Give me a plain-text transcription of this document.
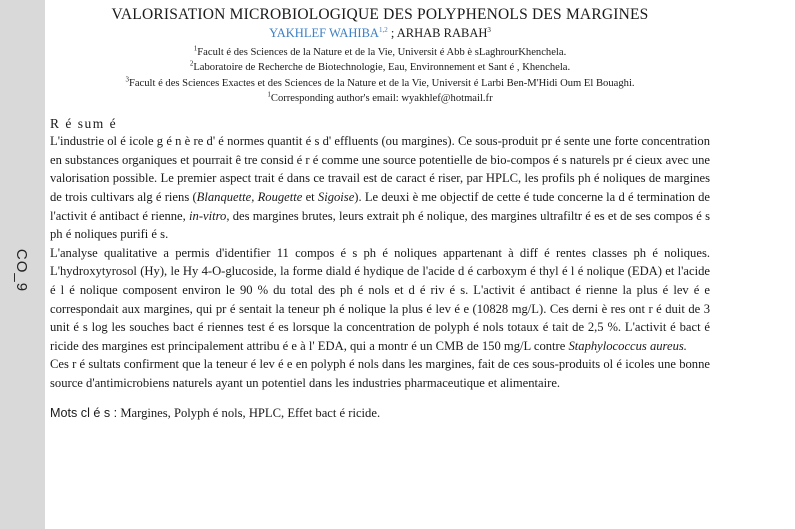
CO_9
VALORISATION MICROBIOLOGIQUE DES POLYPHENOLS DES MARGINES
YAKHLEF WAHIBA$^{1,2}$ ; ARHAB RABAH$^3$
$^1$Facult é des Sciences de la Nature et de la Vie, Universit é Abb è sLaghrourKhenchela.
$^2$Laboratoire de Recherche de Biotechnologie, Eau, Environnement et Sant é , Khenchela.
$^3$Facult é des Sciences Exactes et des Sciences de la Nature et de la Vie, Universit é Larbi Ben-M'Hidi Oum El Bouaghi.
$^1$Corresponding author's email: wyakhlef@hotmail.fr
R é sum é

L'industrie ol é icole g é n è re d' é normes quantit é s d' effluents (ou margines). Ce sous-produit pr é sente une forte concentration en substances organiques et pourrait ê tre consid é r é comme une source potentielle de bio-compos é s naturels pr é cieux avec une valorisation possible. Le premier aspect trait é dans ce travail est de caract é riser, par HPLC, les profils ph é noliques de margines de trois cultivars alg é riens (Blanquette, Rougette et Sigoise). Le deuxi è me objectif de cette é tude concerne la d é termination de l'activit é antibact é rienne, in-vitro, des margines brutes, leurs extrait ph é nolique, des margines ultrafiltr é es et de ses compos é s ph é noliques purifi é s.

L'analyse qualitative a permis d'identifier 11 compos é s ph é noliques appartenant à diff é rentes classes ph é noliques. L'hydroxytyrosol (Hy), le Hy 4-O-glucoside, la forme diald é hydique de l'acide d é carboxym é thyl é l é nolique (EDA) et l'acide é l é nolique composent environ le 90 % du total des ph é nols et d é riv é s. L'activit é antibact é rienne la plus é lev é e correspondait aux margines, qui pr é sentait la teneur ph é nolique la plus é lev é e (10828 mg/L). Ces derni è res ont r é duit de 3 unit é s log les souches bact é riennes test é es lorsque la concentration de polyph é nols totaux é tait de 2,5 %. L'activit é bact é ricide des margines est principalement attribu é e à l' EDA, qui a montr é un CMB de 150 mg/L contre Staphylococcus aureus.

Ces r é sultats confirment que la teneur é lev é e en polyph é nols dans les margines, fait de ces sous-produits ol é icoles une bonne source d'antimicrobiens naturels ayant un potentiel dans les industries pharmaceutique et alimentaire.

Mots cl é s : Margines, Polyph é nols, HPLC, Effet bact é ricide.
